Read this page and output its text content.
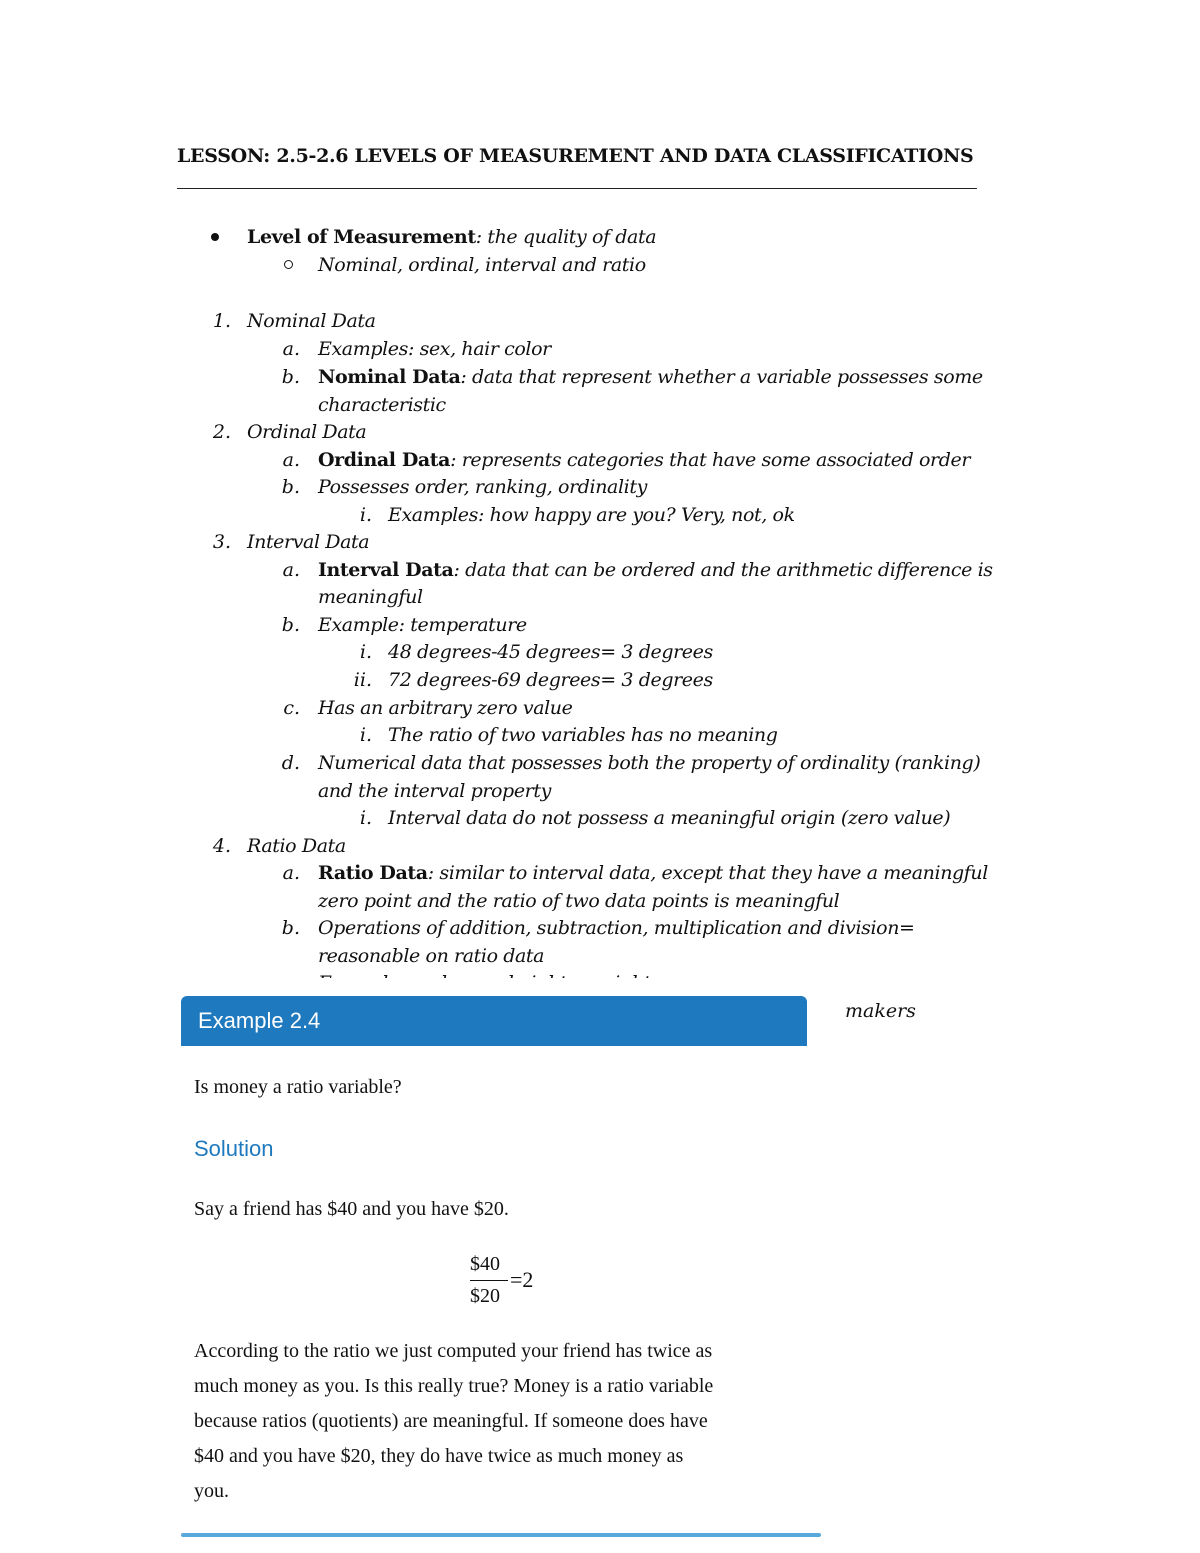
LESSON: 2.5-2.6 LEVELS OF MEASUREMENT AND DATA CLASSIFICATIONS
Level of Measurement: the quality of data
Nominal, ordinal, interval and ratio
1. Nominal Data
a. Examples: sex, hair color
b. Nominal Data: data that represent whether a variable possesses some
characteristic
2. Ordinal Data
a. Ordinal Data: represents categories that have some associated order
b. Possesses order, ranking, ordinality
i. Examples: how happy are you? Very, not, ok
3. Interval Data
a. Interval Data: data that can be ordered and the arithmetic difference is
meaningful
b. Example: temperature
i. 48 degrees-45 degrees= 3 degrees
ii. 72 degrees-69 degrees= 3 degrees
c. Has an arbitrary zero value
i. The ratio of two variables has no meaning
d. Numerical data that possesses both the property of ordinality (ranking)
and the interval property
i. Interval data do not possess a meaningful origin (zero value)
4. Ratio Data
a. Ratio Data: similar to interval data, except that they have a meaningful
zero point and the ratio of two data points is meaningful
b. Operations of addition, subtraction, multiplication and division=
reasonable on ratio data
Example 2.4	makers
Is money a ratio variable?
Solution
Say a friend has $40 and you have $20.
$40
$20
=2
According to the ratio we just computed your friend has twice as
much money as you. Is this really true? Money is a ratio variable
because ratios (quotients) are meaningful. If someone does have
$40 and you have $20, they do have twice as much money as
you.
